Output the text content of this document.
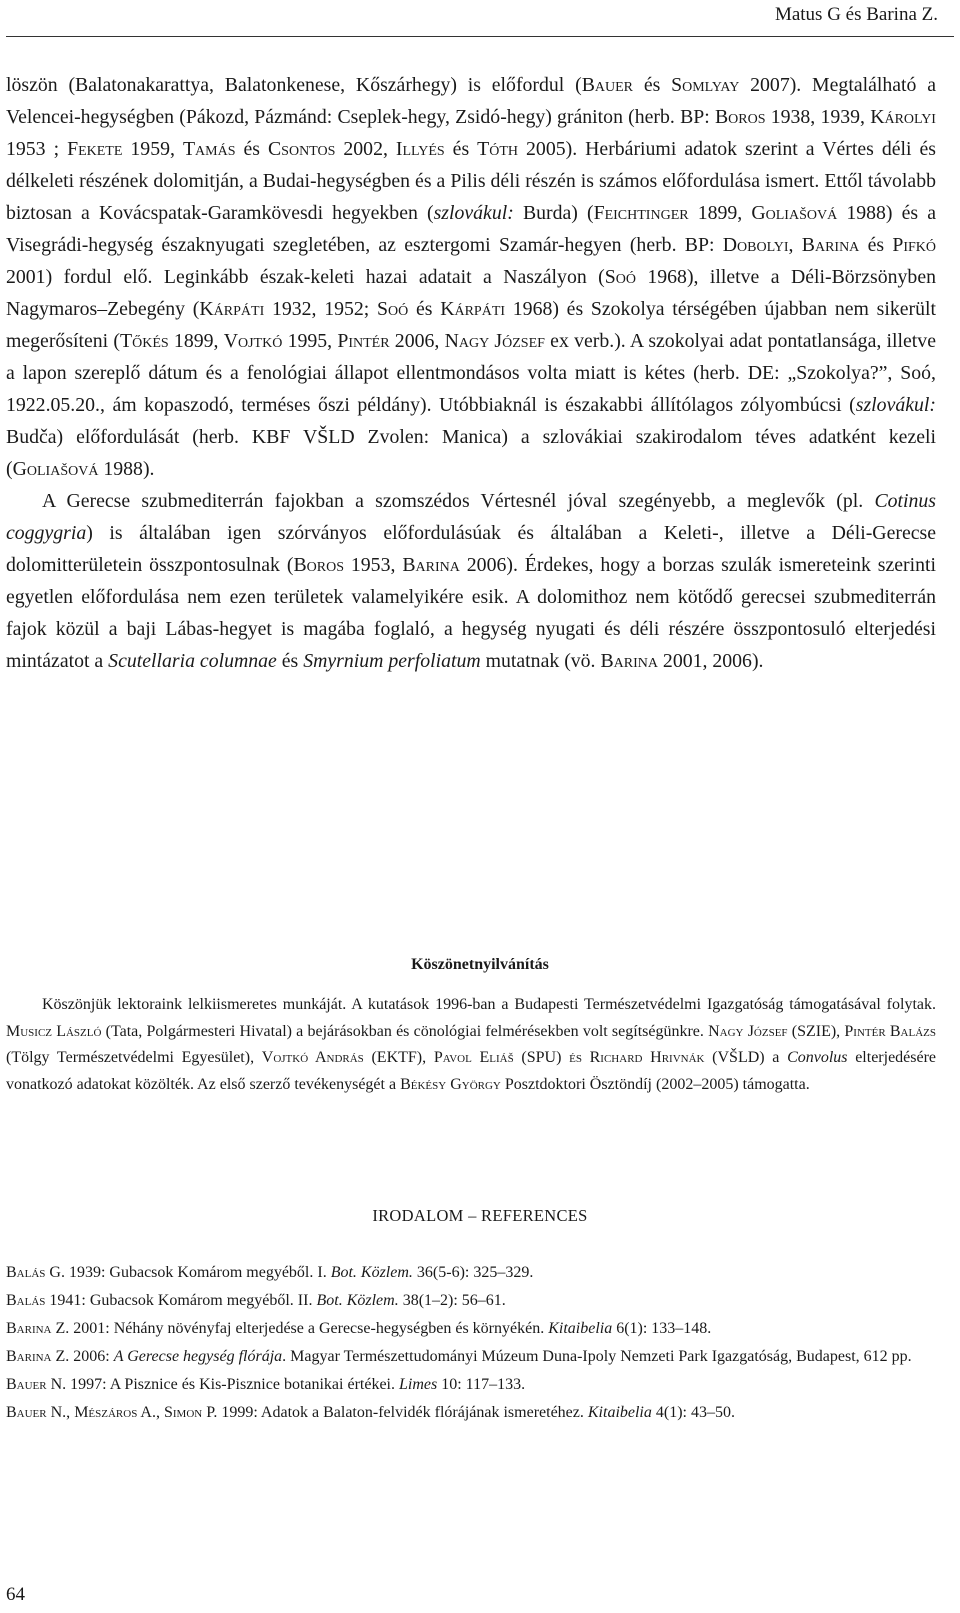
Matus G és Barina Z.

löszön (Balatonakarattya, Balatonkenese, Kőszárhegy) is előfordul (Bauer és Somlyay 2007). Megtalálható a Velencei-hegységben (Pákozd, Pázmánd: Cseplek-hegy, Zsidó-hegy) grániton (herb. BP: Boros 1938, 1939, Károlyi 1953 ; Fekete 1959, Tamás és Csontos 2002, Illyés és Tóth 2005). Herbáriumi adatok szerint a Vértes déli és délkeleti részének dolomitján, a Budai-hegységben és a Pilis déli részén is számos előfordulása ismert. Ettől távolabb biztosan a Kovácspatak-Garamkövesdi hegyekben (szlovákul: Burda) (Feichtinger 1899, Goliašová 1988) és a Visegrádi-hegység északnyugati szegletében, az esztergomi Szamár-hegyen (herb. BP: Dobolyi, Barina és Pifkó 2001) fordul elő. Leginkább észak-keleti hazai adatait a Naszályon (Soó 1968), illetve a Déli-Börzsönyben Nagymaros–Zebegény (Kárpáti 1932, 1952; Soó és Kárpáti 1968) és Szokolya térségében újabban nem sikerült megerősíteni (Tőkés 1899, Vojtkó 1995, Pintér 2006, Nagy József ex verb.). A szokolyai adat pontatlansága, illetve a lapon szereplő dátum és a fenológiai állapot ellentmondásos volta miatt is kétes (herb. DE: „Szokolya?”, Soó, 1922.05.20., ám kopaszodó, terméses őszi példány). Utóbbiaknál is északabbi állítólagos zólyombúcsi (szlovákul: Budča) előfordulását (herb. KBF VŠLD Zvolen: Manica) a szlovákiai szakirodalom téves adatként kezeli (Goliašová 1988).

A Gerecse szubmediterrán fajokban a szomszédos Vértesnél jóval szegényebb, a meglevők (pl. Cotinus coggygria) is általában igen szórványos előfordulásúak és általában a Keleti-, illetve a Déli-Gerecse dolomitterületein összpontosulnak (Boros 1953, Barina 2006). Érdekes, hogy a borzas szulák ismereteink szerinti egyetlen előfordulása nem ezen területek valamelyikére esik. A dolomithoz nem kötődő gerecsei szubmediterrán fajok közül a baji Lábas-hegyet is magába foglaló, a hegység nyugati és déli részére összpontosuló elterjedési mintázatot a Scutellaria columnae és Smyrnium perfoliatum mutatnak (vö. Barina 2001, 2006).

Köszönetnyilvánítás

Köszönjük lektoraink lelkiismeretes munkáját. A kutatások 1996-ban a Budapesti Természetvédelmi Igazgatóság támogatásával folytak. Musicz László (Tata, Polgármesteri Hivatal) a bejárásokban és cönológiai felmérésekben volt segítségünkre. Nagy József (SZIE), Pintér Balázs (Tölgy Természetvédelmi Egyesület), Vojtkó András (EKTF), Pavol Eliáš (SPU) és Richard Hrivnák (VŠLD) a Convolus elterjedésére vonatkozó adatokat közölték. Az első szerző tevékenységét a Békésy György Posztdoktori Ösztöndíj (2002–2005) támogatta.

IRODALOM – REFERENCES
Balás G. 1939: Gubacsok Komárom megyéből. I. Bot. Közlem. 36(5-6): 325–329.
Balás 1941: Gubacsok Komárom megyéből. II. Bot. Közlem. 38(1–2): 56–61.
Barina Z. 2001: Néhány növényfaj elterjedése a Gerecse-hegységben és környékén. Kitaibelia 6(1): 133–148.
Barina Z. 2006: A Gerecse hegység flórája. Magyar Természettudományi Múzeum Duna-Ipoly Nemzeti Park Igazgatóság, Budapest, 612 pp.
Bauer N. 1997: A Pisznice és Kis-Pisznice botanikai értékei. Limes 10: 117–133.
Bauer N., Mészáros A., Simon P. 1999: Adatok a Balaton-felvidék flórájának ismeretéhez. Kitaibelia 4(1): 43–50.
64
